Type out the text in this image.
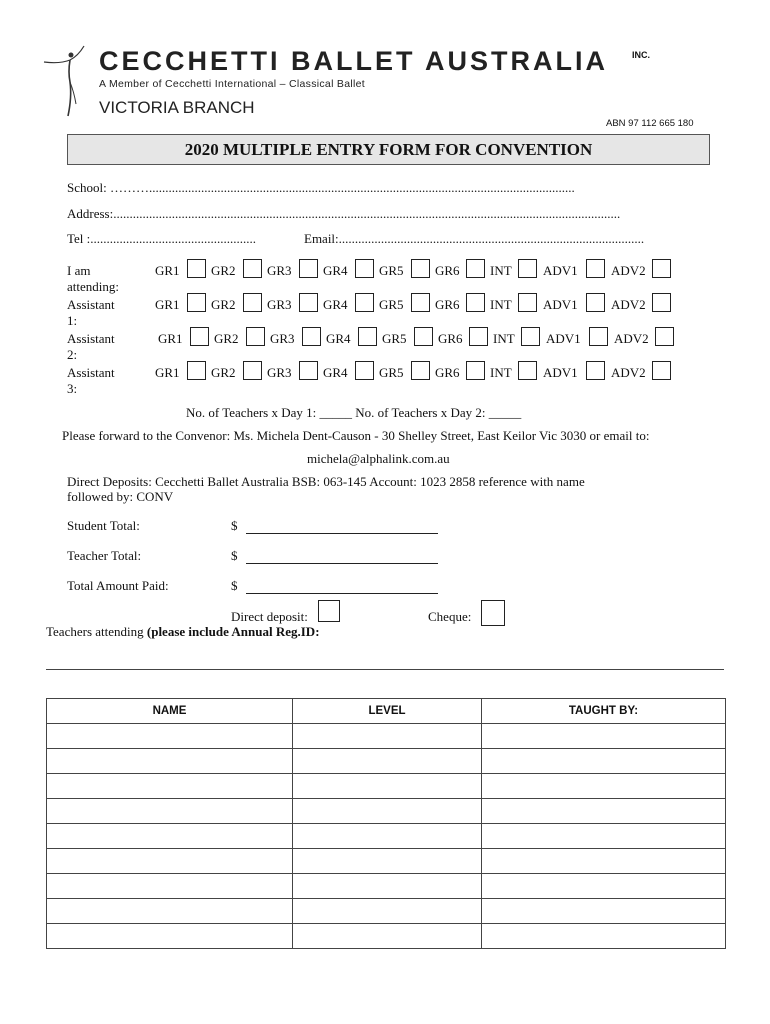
CECCHETTI BALLET AUSTRALIA	INC.
A Member of Cecchetti International – Classical Ballet
VICTORIA BRANCH
ABN 97 112 665 180
2020 MULTIPLE ENTRY FORM FOR CONVENTION
School: ………...................................................................................................................................
Address:............................................................................................................................................................
Tel :...................................................	Email:..............................................................................................
I am attending:
GR1 GR2 GR3 GR4 GR5 GR6 INT ADV1	ADV2
Assistant 1:
GR1 GR2 GR3 GR4 GR5 GR6 INT ADV1	ADV2
Assistant 2:
GR1 GR2 GR3 GR4 GR5 GR6 INT ADV1	ADV2
Assistant 3:
GR1 GR2 GR3 GR4 GR5 GR6 INT ADV1	ADV2
No. of Teachers x Day 1: _____ No. of Teachers x Day 2: _____
Please forward to the Convenor: Ms. Michela Dent-Causon - 30 Shelley Street, East Keilor Vic 3030 or email to:
michela@alphalink.com.au
Direct Deposits: Cecchetti Ballet Australia BSB: 063-145 Account: 1023 2858 reference with name
followed by: CONV
Student Total:	$
Teacher Total:	$
Total Amount Paid:	$
Direct deposit:	Cheque:
Teachers attending (please include Annual Reg.ID:
NAME	LEVEL	TAUGHT BY:
